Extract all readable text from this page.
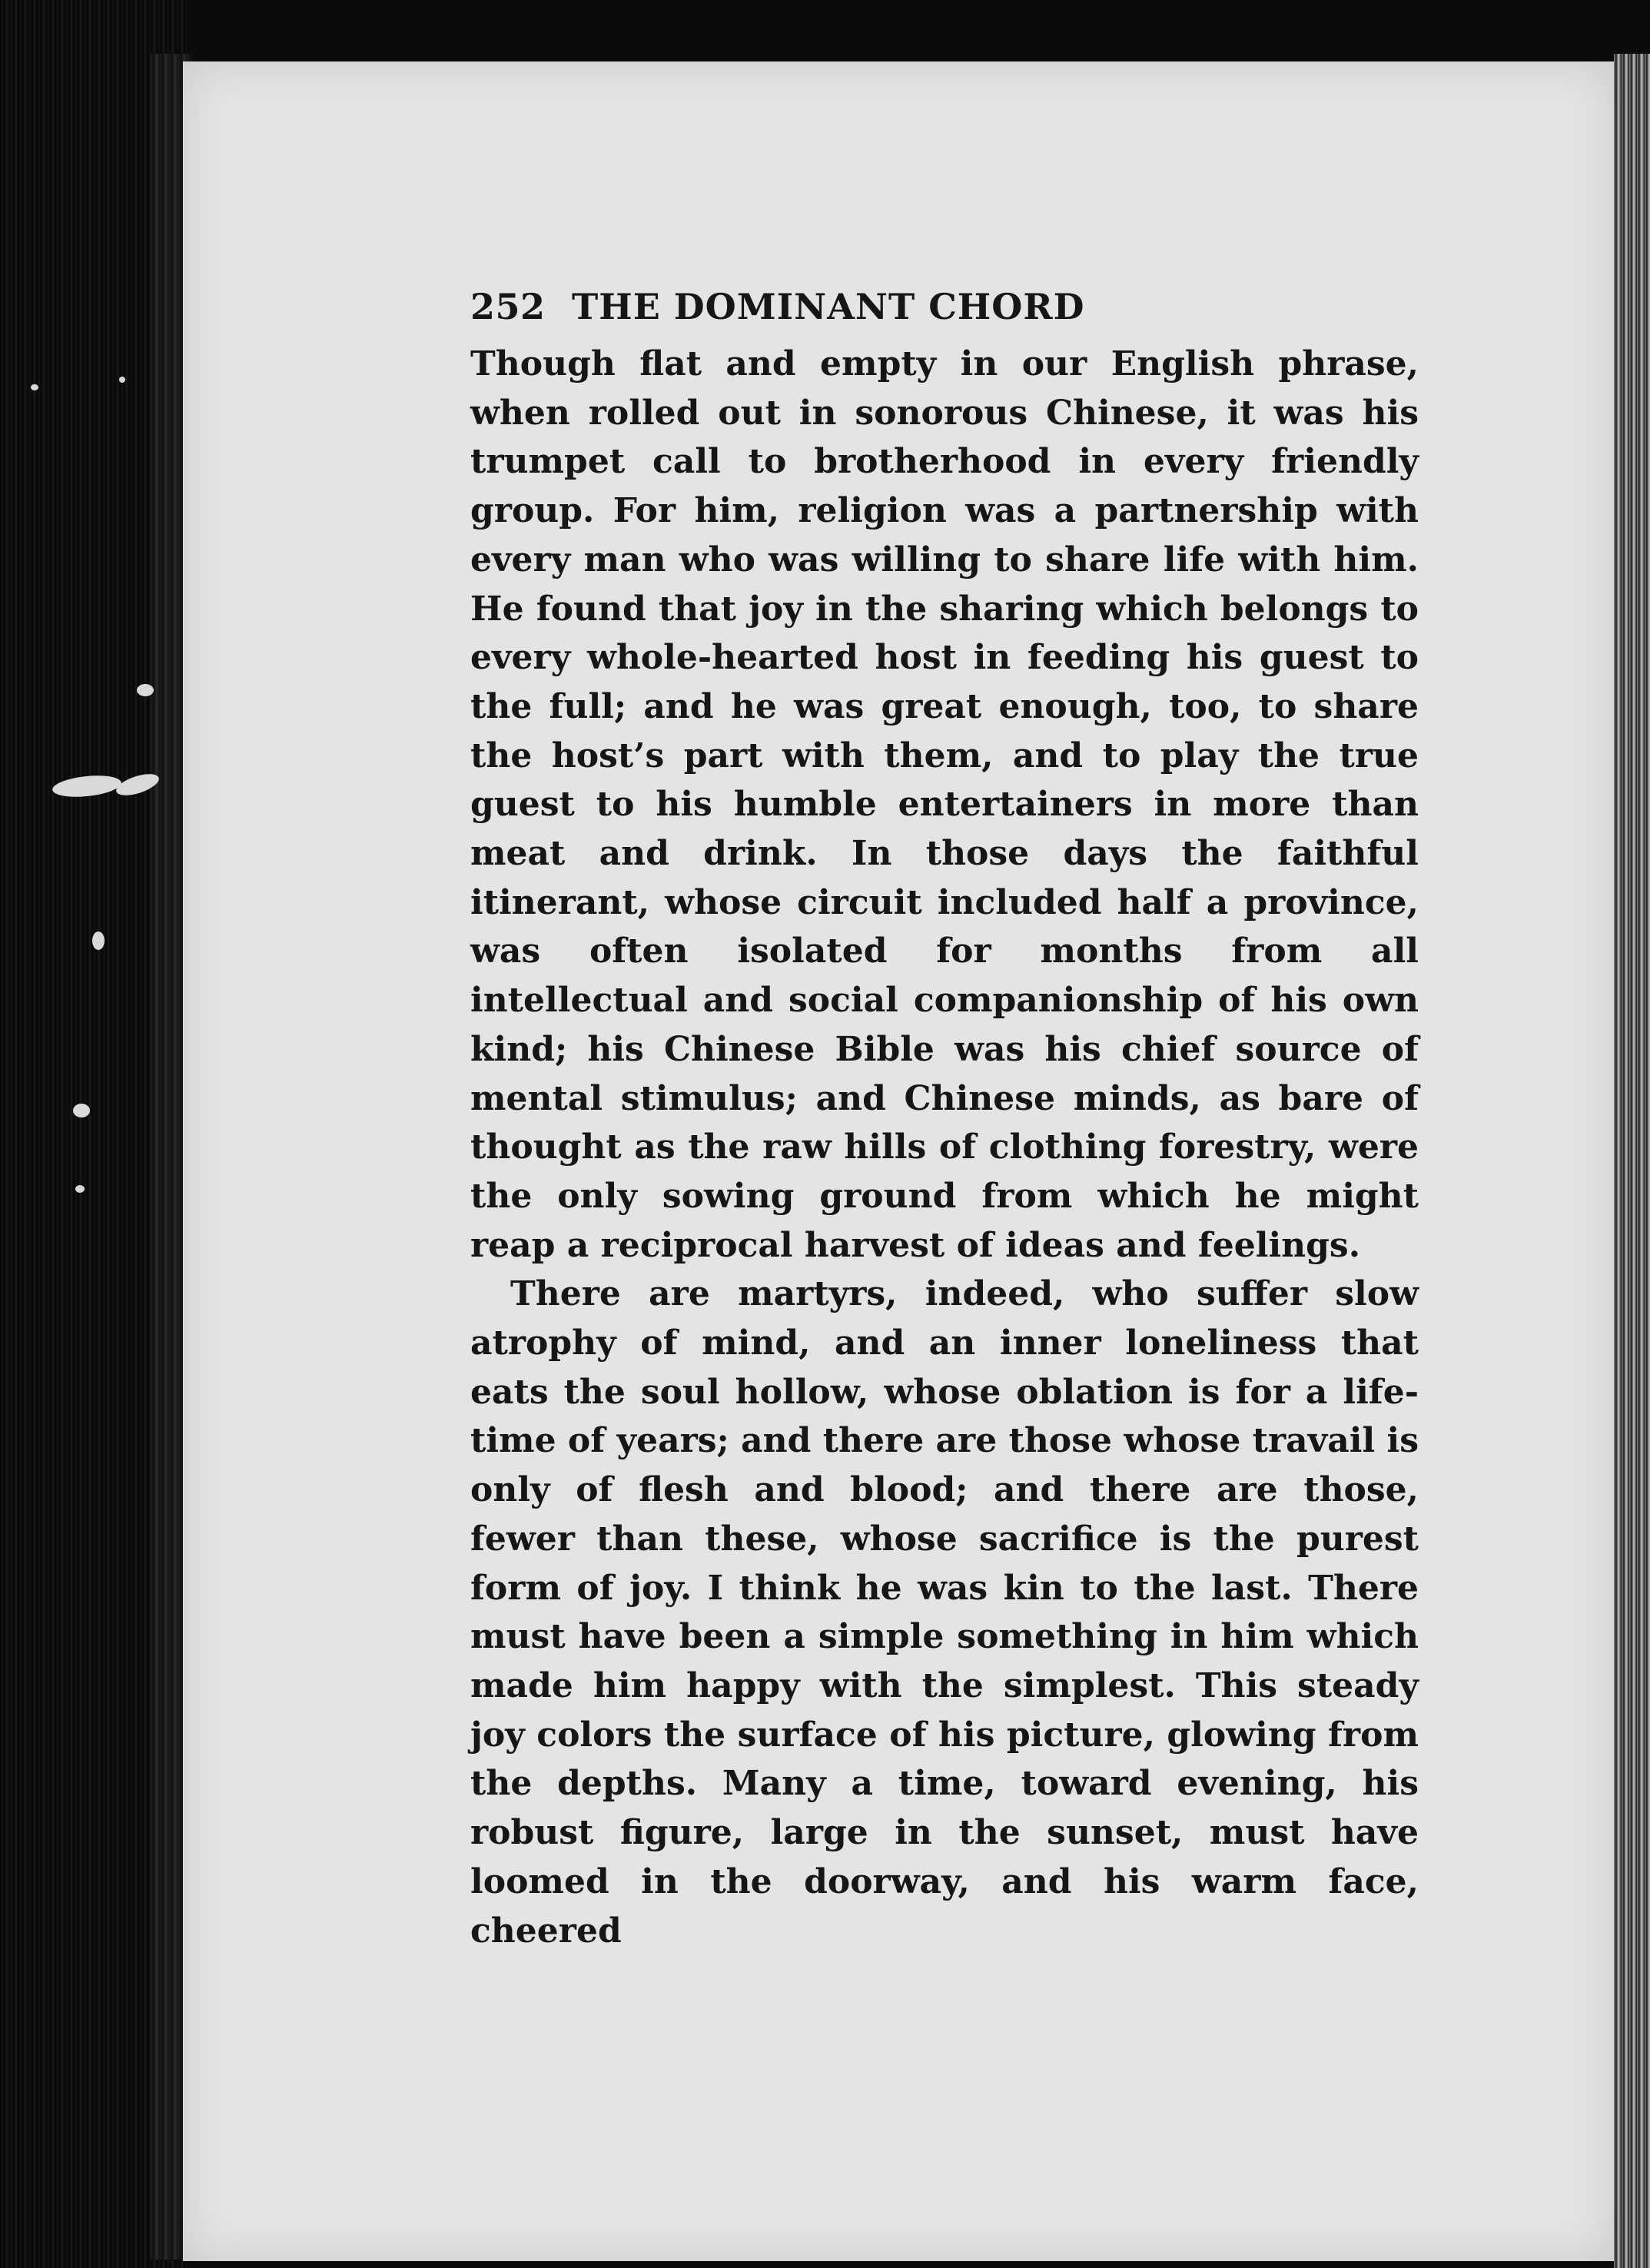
252 THE DOMINANT CHORD

Though flat and empty in our English phrase, when rolled out in sonorous Chinese, it was his trumpet call to brotherhood in every friendly group. For him, religion was a partnership with every man who was willing to share life with him. He found that joy in the sharing which belongs to every whole-hearted host in feeding his guest to the full; and he was great enough, too, to share the host’s part with them, and to play the true guest to his humble entertainers in more than meat and drink. In those days the faithful itinerant, whose circuit included half a province, was often isolated for months from all intellectual and social companionship of his own kind; his Chinese Bible was his chief source of mental stimulus; and Chinese minds, as bare of thought as the raw hills of clothing forestry, were the only sowing ground from which he might reap a reciprocal harvest of ideas and feelings.

There are martyrs, indeed, who suffer slow atrophy of mind, and an inner loneliness that eats the soul hollow, whose oblation is for a life-time of years; and there are those whose travail is only of flesh and blood; and there are those, fewer than these, whose sacrifice is the purest form of joy. I think he was kin to the last. There must have been a simple something in him which made him happy with the simplest. This steady joy colors the surface of his picture, glowing from the depths. Many a time, toward evening, his robust figure, large in the sunset, must have loomed in the doorway, and his warm face, cheered
